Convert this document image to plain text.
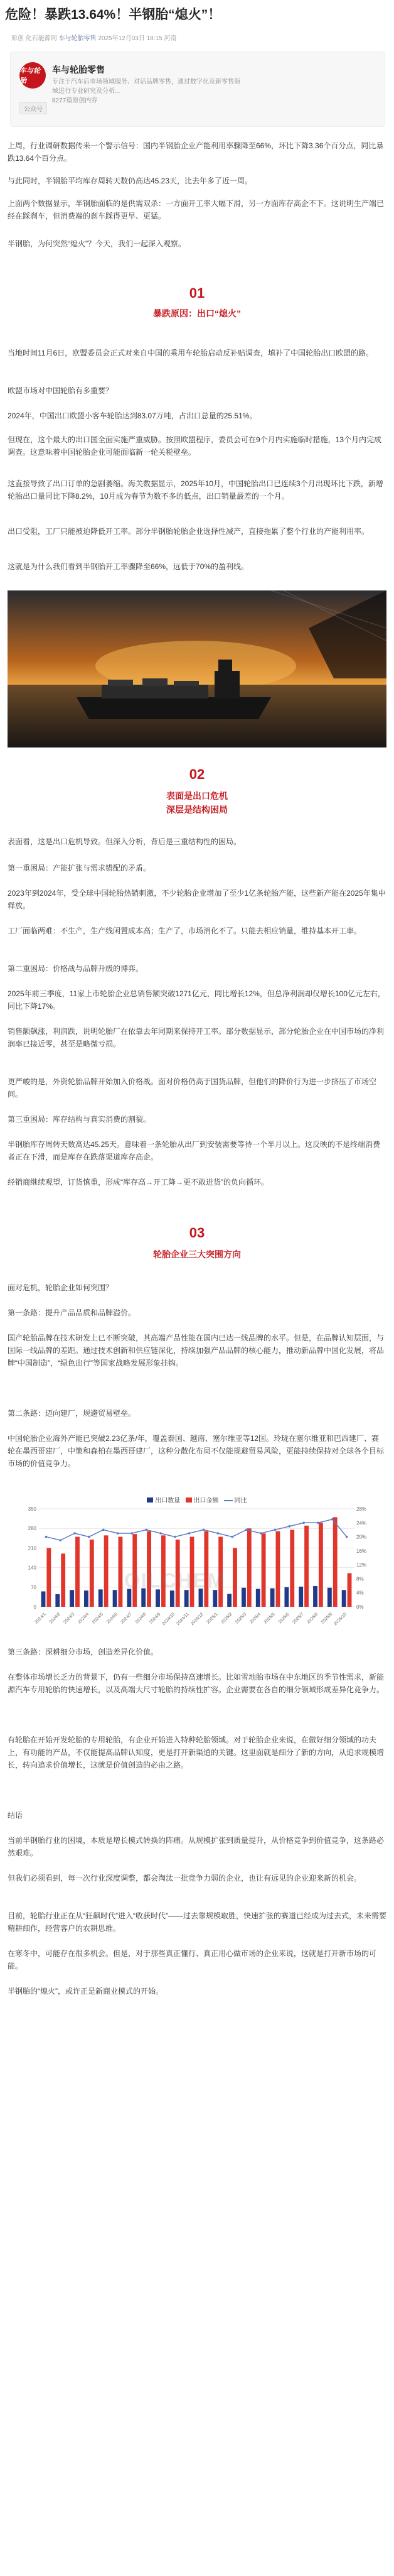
危险！暴跌13.64%！半钢胎“熄火”！
原创 化石能源网 车与轮胎零售 2025年12月03日 18:15 河南
车与轮胎
车与轮胎零售
专注于汽车后市场领域服务、对话品牌零售，通过数字化及新零售领域进行专业研究及分析...
8277篇原创内容
公众号
上周，行业调研数据传来一个警示信号：国内半钢胎企业产能利用率骤降至66%，环比下降3.36个百分点，同比暴跌13.64个百分点。
与此同时，半钢胎平均库存周转天数仍高达45.23天，比去年多了近一周。
上面两个数据显示，半钢胎面临的是供需双杀：一方面开工率大幅下滑，另一方面库存高企不下。这说明生产端已经在踩刹车，但消费端的刹车踩得更早、更猛。
半钢胎，为何突然“熄火”？今天，我们一起深入观察。
01
暴跌原因：出口“熄火”
当地时间11月6日，欧盟委员会正式对来自中国的乘用车轮胎启动反补贴调查，填补了中国轮胎出口欧盟的路。
欧盟市场对中国轮胎有多重要？
2024年，中国出口欧盟小客车轮胎达到83.07万吨，占出口总量的25.51%。
但现在，这个最大的出口国全面实施严重威胁。按照欧盟程序，委员会可在9个月内实施临时措施，13个月内完成调查。这意味着中国轮胎企业可能面临新一轮关税壁垒。
这直接导致了出口订单的急剧萎缩。海关数据显示，2025年10月，中国轮胎出口已连续3个月出现环比下跌，新增轮胎出口量同比下降8.2%，10月成为春节为数不多的低点，出口销量最差的一个月。
出口受阻，工厂只能被迫降低开工率。部分半钢胎轮胎企业选择性减产，直接拖累了整个行业的产能利用率。
这就是为什么我们看到半钢胎开工率骤降至66%，远低于70%的盈利线。
02
表面是出口危机
深层是结构困局
表面看，这是出口危机导致。但深入分析，背后是三重结构性的困局。
第一重困局：产能扩张与需求错配的矛盾。
2023年到2024年，受全球中国轮胎热销刺激，不少轮胎企业增加了至少1亿条轮胎产能，这些新产能在2025年集中释放。
工厂面临两难：不生产，生产线闲置成本高；生产了，市场消化不了。只能去相应销量，维持基本开工率。
第二重困局：价格战与品牌升级的博弈。
2025年前三季度，11家上市轮胎企业总销售额突破1271亿元，同比增长12%，但总净利润却仅增长100亿元左右，同比下降17%。
销售额飙涨，利润跌，说明轮胎厂在依靠去年同期来保持开工率。部分数据显示，部分轮胎企业在中国市场的净利润率已接近零，甚至是略微亏损。
更严峻的是，外资轮胎品牌开始加入价格战。面对价格仍高于国货品牌，但他们的降价行为进一步挤压了市场空间。
第三重困局：库存结构与真实消费的割裂。
半钢胎库存周转天数高达45.25天。意味着一条轮胎从出厂到安装需要等待一个半月以上。这反映的不是终端消费者正在下滑，而是库存在跌落渠道库存高企。
经销商继续观望，订货慎重，形成“库存高→开工降→更不敢进货”的负向循环。
03
轮胎企业三大突围方向
面对危机，轮胎企业如何突围？
第一条路：提升产品品质和品牌溢价。
国产轮胎品牌在技术研发上已不断突破，其高端产品性能在国内已达一线品牌的水平。但是，在品牌认知层面，与国际一线品牌的差距。通过技术创新和供应链深化，持续加强产品品牌的核心能力，推动新品牌中国化发展，将品牌“中国制造”，“绿色出行”等国家战略发展形象挂钩。
第二条路：迈向建厂，规避贸易壁垒。
中国轮胎企业海外产能已突破2.23亿条/年，覆盖泰国、越南、塞尔维亚等12国。玲珑在塞尔维亚和巴西建厂、赛轮在墨西哥建厂，中策和森柏在墨西哥建厂，这种分散化布局不仅能规避贸易风险，更能持续保持对全球各个目标市场的价值竞争力。
出口数量 出口金额	同比
350
280
210
140
70
0
28%
24%
20%
16%
12%
8%
4%
0%
2024/1 2024/2 2024/3 2024/4 2024/5 2024/6 2024/7 2024/8 2024/9 2024/10 2024/11 2024/12 2025/1 2025/2 2025/3 2025/4 2025/5 2025/6 2025/7 2025/8 2025/9 2025/10
OILCHEM
第三条路：深耕细分市场，创造差异化价值。
在整体市场增长乏力的背景下，仍有一些细分市场保持高速增长。比如雪地胎市场在中东地区的季节性需求，新能源汽车专用轮胎的快速增长，以及高端大尺寸轮胎的持续性扩容。企业需要在各自的细分领域形成差异化竞争力。
有轮胎在开始开发轮胎的专用轮胎，有企业开始进入特种轮胎领域。对于轮胎企业来说，在做好细分领域的功夫上，有功能的产品，不仅能提高品牌认知度，更是打开新渠道的关键。这里面就是细分了新的方向，从追求规模增长，转向追求价值增长，这就是价值创造的必由之路。
结语
当前半钢胎行业的困境，本质是增长模式转换的阵痛。从规模扩张到质量提升，从价格竞争到价值竞争，这条路必然艰难。
但我们必须看到，每一次行业深度调整，都会淘汰一批竞争力弱的企业，也让有远见的企业迎来新的机会。
目前，轮胎行业正在从“狂飙时代”进入“收获时代”——过去靠规模取胜，快速扩张的赛道已经成为过去式，未来需要精耕细作，经营客户的农耕思维。
在寒冬中，可能存在很多机会。但是，对于那些真正懂行、真正用心做市场的企业来说，这就是打开新市场的可能。
半钢胎的“熄火”，或许正是新商业模式的开始。
